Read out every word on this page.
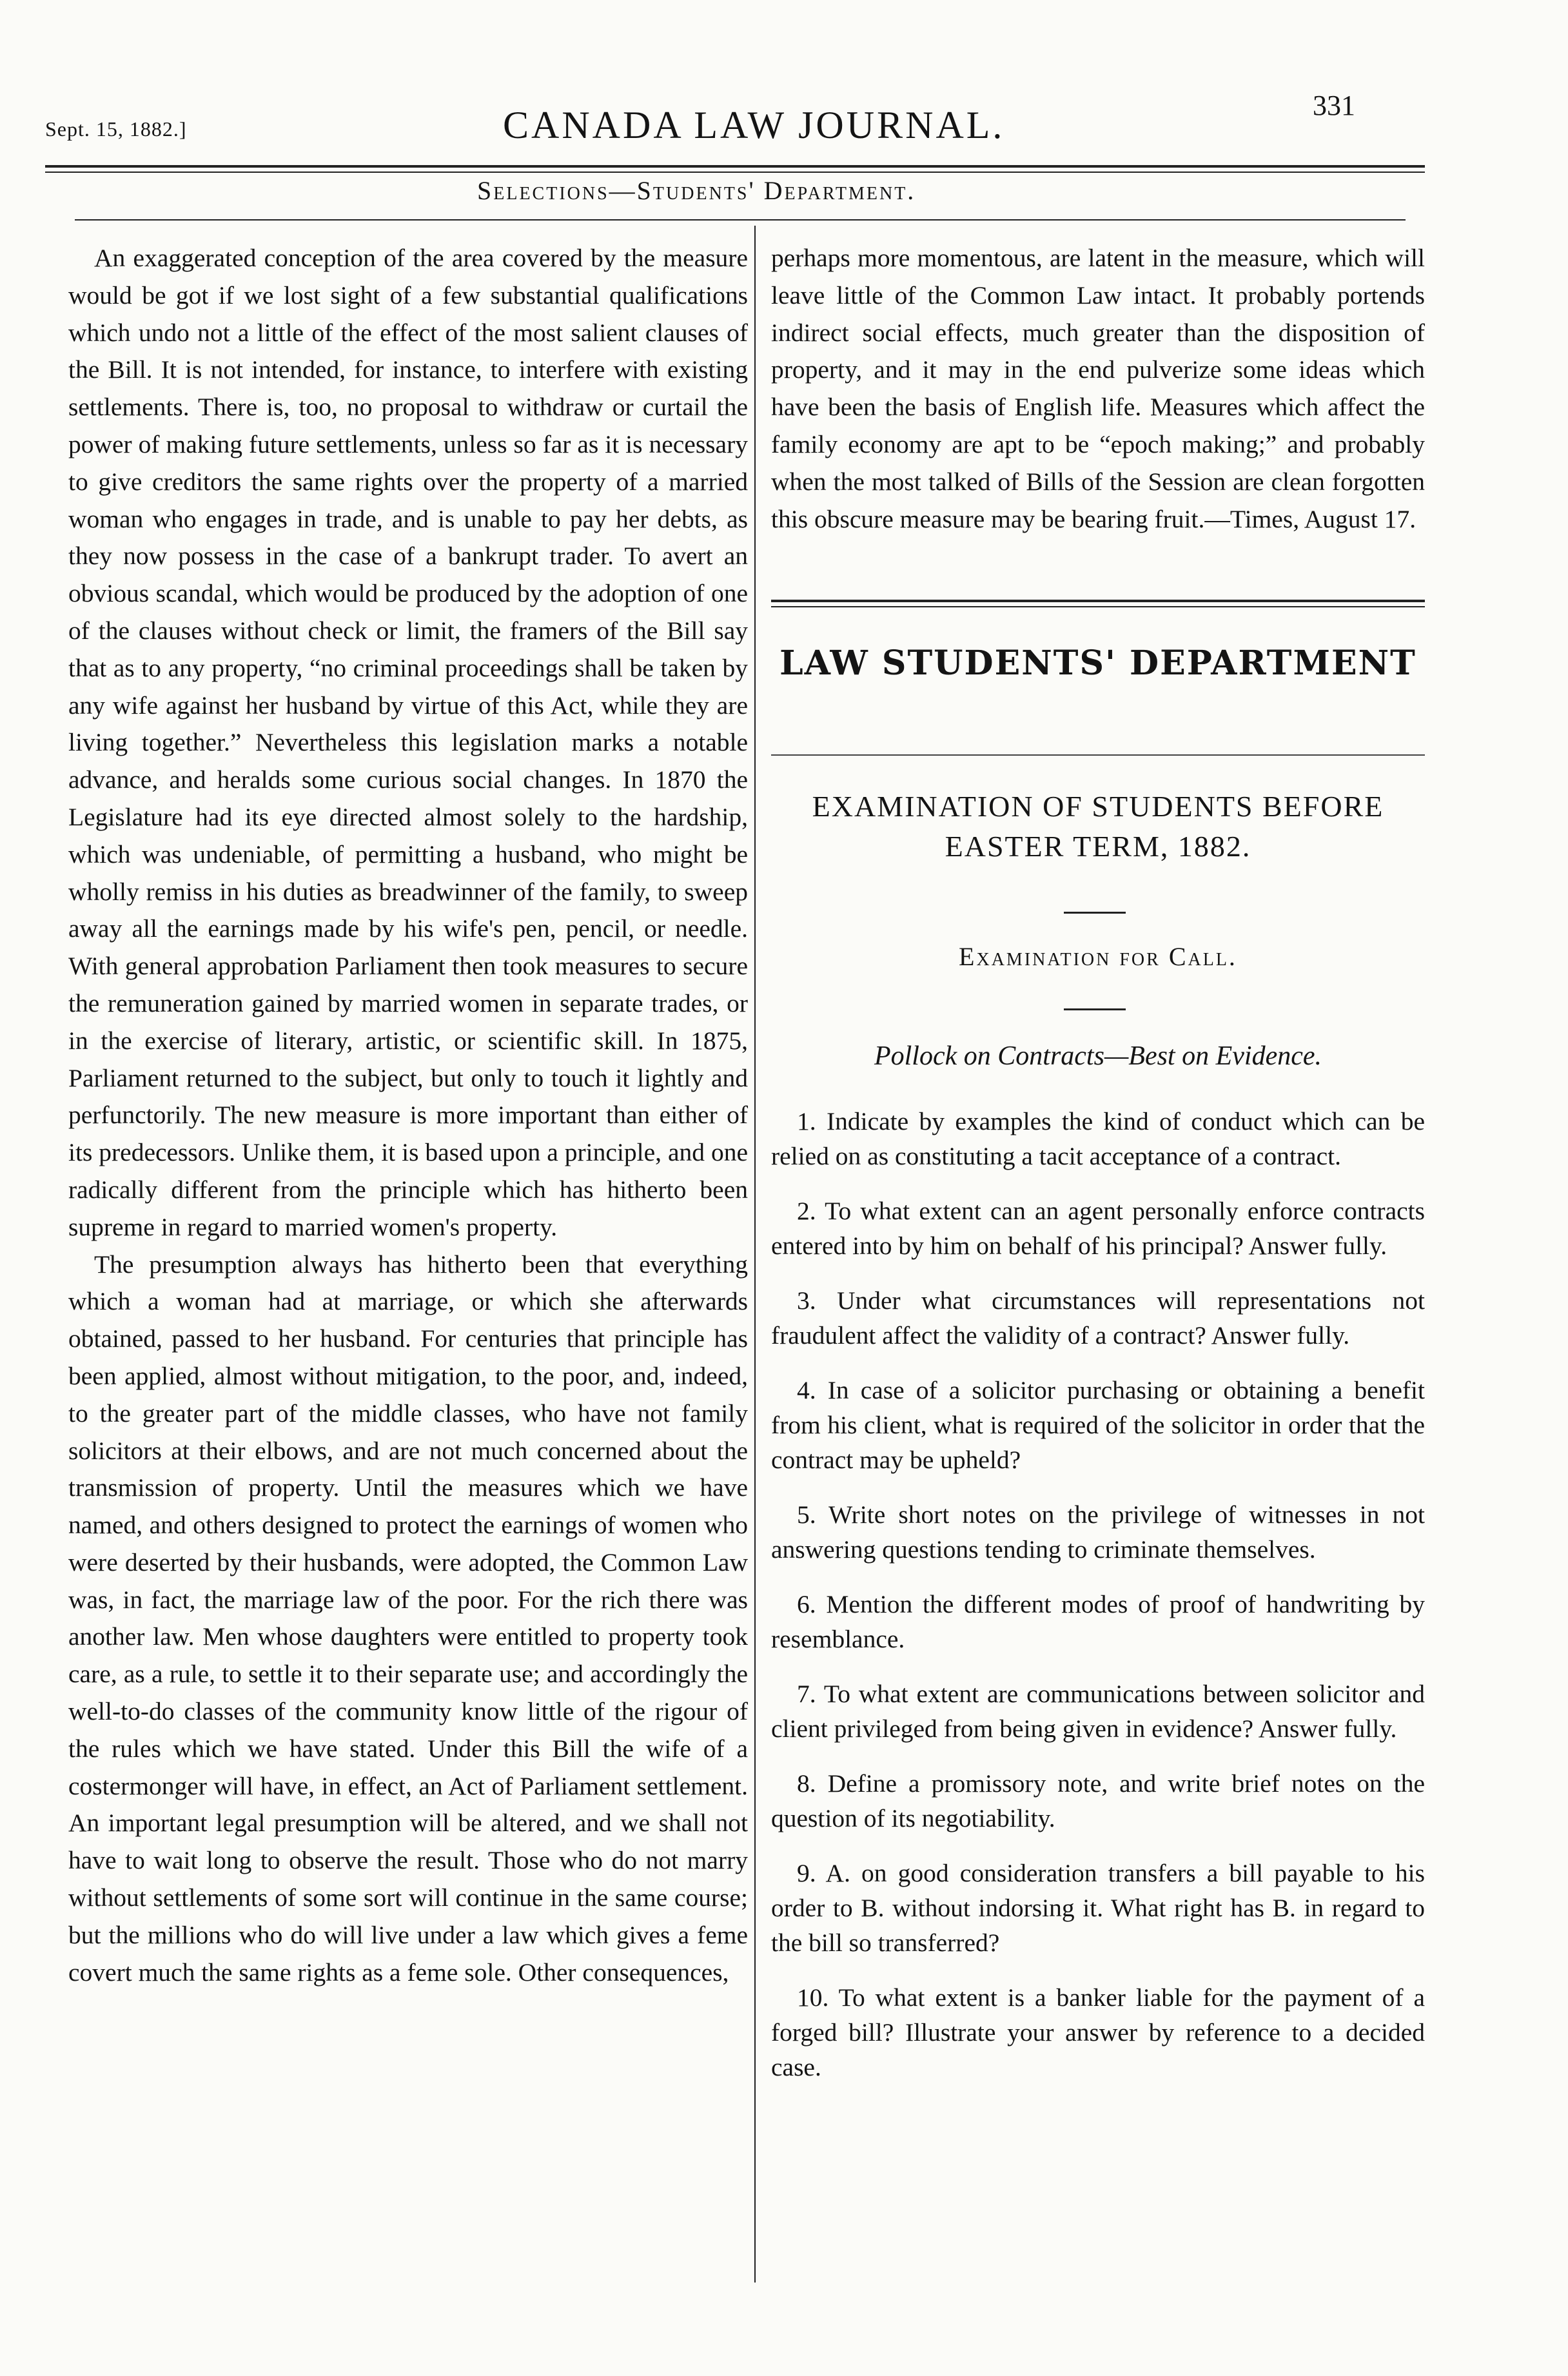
Sept. 15, 1882.]	CANADA LAW JOURNAL.	331
Selections—Students' Department.

An exaggerated conception of the area covered by the measure would be got if we lost sight of a few substantial qualifications which undo not a little of the effect of the most salient clauses of the Bill. It is not intended, for instance, to interfere with existing settlements. There is, too, no proposal to withdraw or curtail the power of making future settlements, unless so far as it is necessary to give creditors the same rights over the property of a married woman who engages in trade, and is unable to pay her debts, as they now possess in the case of a bankrupt trader. To avert an obvious scandal, which would be produced by the adoption of one of the clauses without check or limit, the framers of the Bill say that as to any property, “no criminal proceedings shall be taken by any wife against her husband by virtue of this Act, while they are living together.” Nevertheless this legislation marks a notable advance, and heralds some curious social changes. In 1870 the Legislature had its eye directed almost solely to the hardship, which was undeniable, of permitting a husband, who might be wholly remiss in his duties as breadwinner of the family, to sweep away all the earnings made by his wife's pen, pencil, or needle. With general approbation Parliament then took measures to secure the remuneration gained by married women in separate trades, or in the exercise of literary, artistic, or scientific skill. In 1875, Parliament returned to the subject, but only to touch it lightly and perfunctorily. The new measure is more important than either of its predecessors. Unlike them, it is based upon a principle, and one radically different from the principle which has hitherto been supreme in regard to married women's property.

The presumption always has hitherto been that everything which a woman had at marriage, or which she afterwards obtained, passed to her husband. For centuries that principle has been applied, almost without mitigation, to the poor, and, indeed, to the greater part of the middle classes, who have not family solicitors at their elbows, and are not much concerned about the transmission of property. Until the measures which we have named, and others designed to protect the earnings of women who were deserted by their husbands, were adopted, the Common Law was, in fact, the marriage law of the poor. For the rich there was another law. Men whose daughters were entitled to property took care, as a rule, to settle it to their separate use; and accordingly the well-to-do classes of the community know little of the rigour of the rules which we have stated. Under this Bill the wife of a costermonger will have, in effect, an Act of Parliament settlement. An important legal presumption will be altered, and we shall not have to wait long to observe the result. Those who do not marry without settlements of some sort will continue in the same course; but the millions who do will live under a law which gives a feme covert much the same rights as a feme sole. Other consequences,

perhaps more momentous, are latent in the measure, which will leave little of the Common Law intact. It probably portends indirect social effects, much greater than the disposition of property, and it may in the end pulverize some ideas which have been the basis of English life. Measures which affect the family economy are apt to be “epoch making;” and probably when the most talked of Bills of the Session are clean forgotten this obscure measure may be bearing fruit.—Times, August 17.

LAW STUDENTS' DEPARTMENT
EXAMINATION OF STUDENTS BEFORE EASTER TERM, 1882.
Examination for Call.
Pollock on Contracts—Best on Evidence.
1. Indicate by examples the kind of conduct which can be relied on as constituting a tacit acceptance of a contract.
2. To what extent can an agent personally enforce contracts entered into by him on behalf of his principal? Answer fully.
3. Under what circumstances will representations not fraudulent affect the validity of a contract? Answer fully.
4. In case of a solicitor purchasing or obtaining a benefit from his client, what is required of the solicitor in order that the contract may be upheld?
5. Write short notes on the privilege of witnesses in not answering questions tending to criminate themselves.
6. Mention the different modes of proof of handwriting by resemblance.
7. To what extent are communications between solicitor and client privileged from being given in evidence? Answer fully.
8. Define a promissory note, and write brief notes on the question of its negotiability.
9. A. on good consideration transfers a bill payable to his order to B. without indorsing it. What right has B. in regard to the bill so transferred?
10. To what extent is a banker liable for the payment of a forged bill? Illustrate your answer by reference to a decided case.
